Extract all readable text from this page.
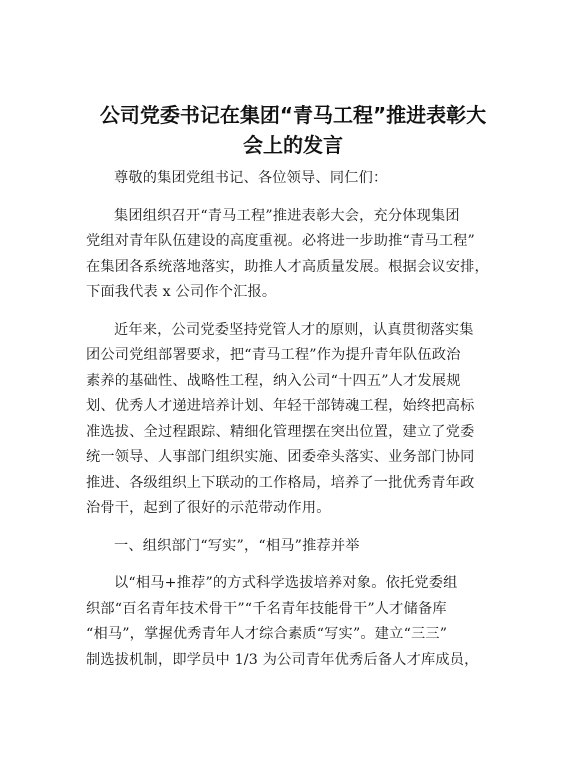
公司党委书记在集团“青马工程”推进表彰大
会上的发言

尊敬的集团党组书记、各位领导、同仁们：

集团组织召开“青马工程”推进表彰大会，充分体现集团
党组对青年队伍建设的高度重视。必将进一步助推“青马工程”
在集团各系统落地落实，助推人才高质量发展。根据会议安排，
下面我代表 x 公司作个汇报。

近年来，公司党委坚持党管人才的原则，认真贯彻落实集
团公司党组部署要求，把“青马工程”作为提升青年队伍政治
素养的基础性、战略性工程，纳入公司“十四五”人才发展规
划、优秀人才递进培养计划、年轻干部铸魂工程，始终把高标
准选拔、全过程跟踪、精细化管理摆在突出位置，建立了党委
统一领导、人事部门组织实施、团委牵头落实、业务部门协同
推进、各级组织上下联动的工作格局，培养了一批优秀青年政
治骨干，起到了很好的示范带动作用。

一、组织部门“写实”，“相马”推荐并举

以“相马+推荐”的方式科学选拔培养对象。依托党委组
织部“百名青年技术骨干”“千名青年技能骨干”人才储备库
“相马”，掌握优秀青年人才综合素质“写实”。建立“三三”
制选拔机制，即学员中 1/3 为公司青年优秀后备人才库成员，
